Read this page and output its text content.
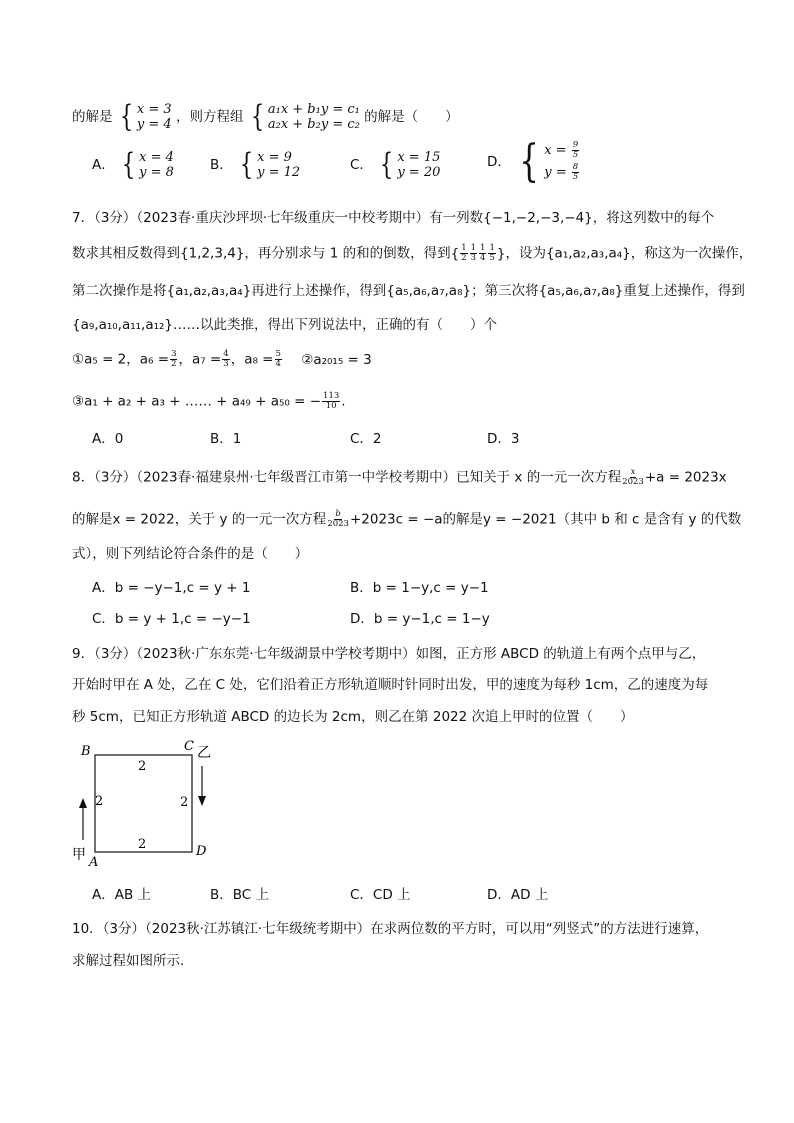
的解是 { x = 3
y = 4 ，则方程组 { a₁x + b₁y = c₁
a₂x + b₂y = c₂ 的解是（　　）
A． { x = 4
y = 8	B． { x = 9
y = 12	C． { x = 15
y = 20
D． { $x = \frac{9}{5}$
$y = \frac{8}{5}$
7．（3分）（2023春·重庆沙坪坝·七年级重庆一中校考期中）有一列数{−1,−2,−3,−4}，将这列数中的每个
数求其相反数得到{1,2,3,4}，再分别求与 1 的和的倒数，得到{ $\frac{1}{2} \frac{1}{3} \frac{1}{4} \frac{1}{5}$ }，设为{a₁,a₂,a₃,a₄}，称这为一次操作，
第二次操作是将{a₁,a₂,a₃,a₄}再进行上述操作，得到{a₅,a₆,a₇,a₈}；第三次将{a₅,a₆,a₇,a₈}重复上述操作，得到
{a₉,a₁₀,a₁₁,a₁₂}……以此类推，得出下列说法中，正确的有（　　）个
①a₅ = 2，$a_6 = \frac{3}{2}$ ，$a_7 = \frac{4}{3}$ ，$a_8 = \frac{5}{4}$ ②a₂₀₁₅ = 3
③a₁ + a₂ + a₃ + …… + a₄₉ + a₅₀ = − $\frac{113}{10}$ .
A．0	B．1	C．2	D．3
8．（3分）（2023春·福建泉州·七年级晋江市第一中学校考期中）已知关于 x 的一元一次方程 $\frac{x}{2023} +a = 2023x$
的解是x = 2022，关于 y 的一元一次方程 $\frac{b}{2023} +2023c = -a$的解是y = −2021（其中 b 和 c 是含有 y 的代数
式），则下列结论符合条件的是（　　）
A．b = −y−1,c = y + 1	B．b = 1−y,c = y−1
C．b = y + 1,c = −y−1	D．b = y−1,c = 1−y
9．（3分）（2023秋·广东东莞·七年级湖景中学校考期中）如图，正方形 ABCD 的轨道上有两个点甲与乙，
开始时甲在 A 处，乙在 C 处，它们沿着正方形轨道顺时针同时出发，甲的速度为每秒 1cm，乙的速度为每
秒 5cm，已知正方形轨道 ABCD 的边长为 2cm，则乙在第 2022 次追上甲时的位置（　　）
B	C 乙
A
D
甲
2
2	2
2
A．AB 上	B．BC 上	C．CD 上	D．AD 上
10．（3分）（2023秋·江苏镇江·七年级统考期中）在求两位数的平方时，可以用“列竖式”的方法进行速算，
求解过程如图所示．
